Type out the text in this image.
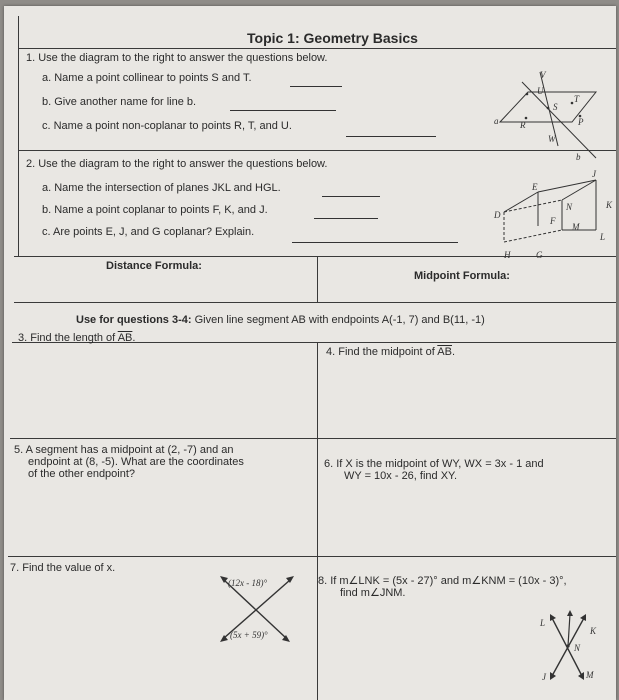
Topic 1: Geometry Basics
1. Use the diagram to the right to answer the questions below.
a. Name a point collinear to points S and T.
b. Give another name for line b.
c. Name a point non-coplanar to points R, T, and U.
V
U
S
T
R	P
a
W
b
2. Use the diagram to the right to answer the questions below.
a. Name the intersection of planes JKL and HGL.
b. Name a point coplanar to points F, K, and J.
c. Are points E, J, and G coplanar? Explain.
E
J
K
D
N
F
M
L
H	G
Distance Formula:
Midpoint Formula:
Use for questions 3-4: Given line segment AB with endpoints A(-1, 7) and B(11, -1)
3. Find the length of $\overline{AB}$.
4. Find the midpoint of $\overline{AB}$.
5. A segment has a midpoint at (2, -7) and an
endpoint at (8, -5). What are the coordinates
of the other endpoint?
6. If X is the midpoint of WY, WX = 3x - 1 and
WY = 10x - 26, find XY.
7. Find the value of x.
(12x - 18)°
(5x + 59)°
8. If m∠LNK = (5x - 27)° and m∠KNM = (10x - 3)°,
find m∠JNM.
L
K
N
J	M
